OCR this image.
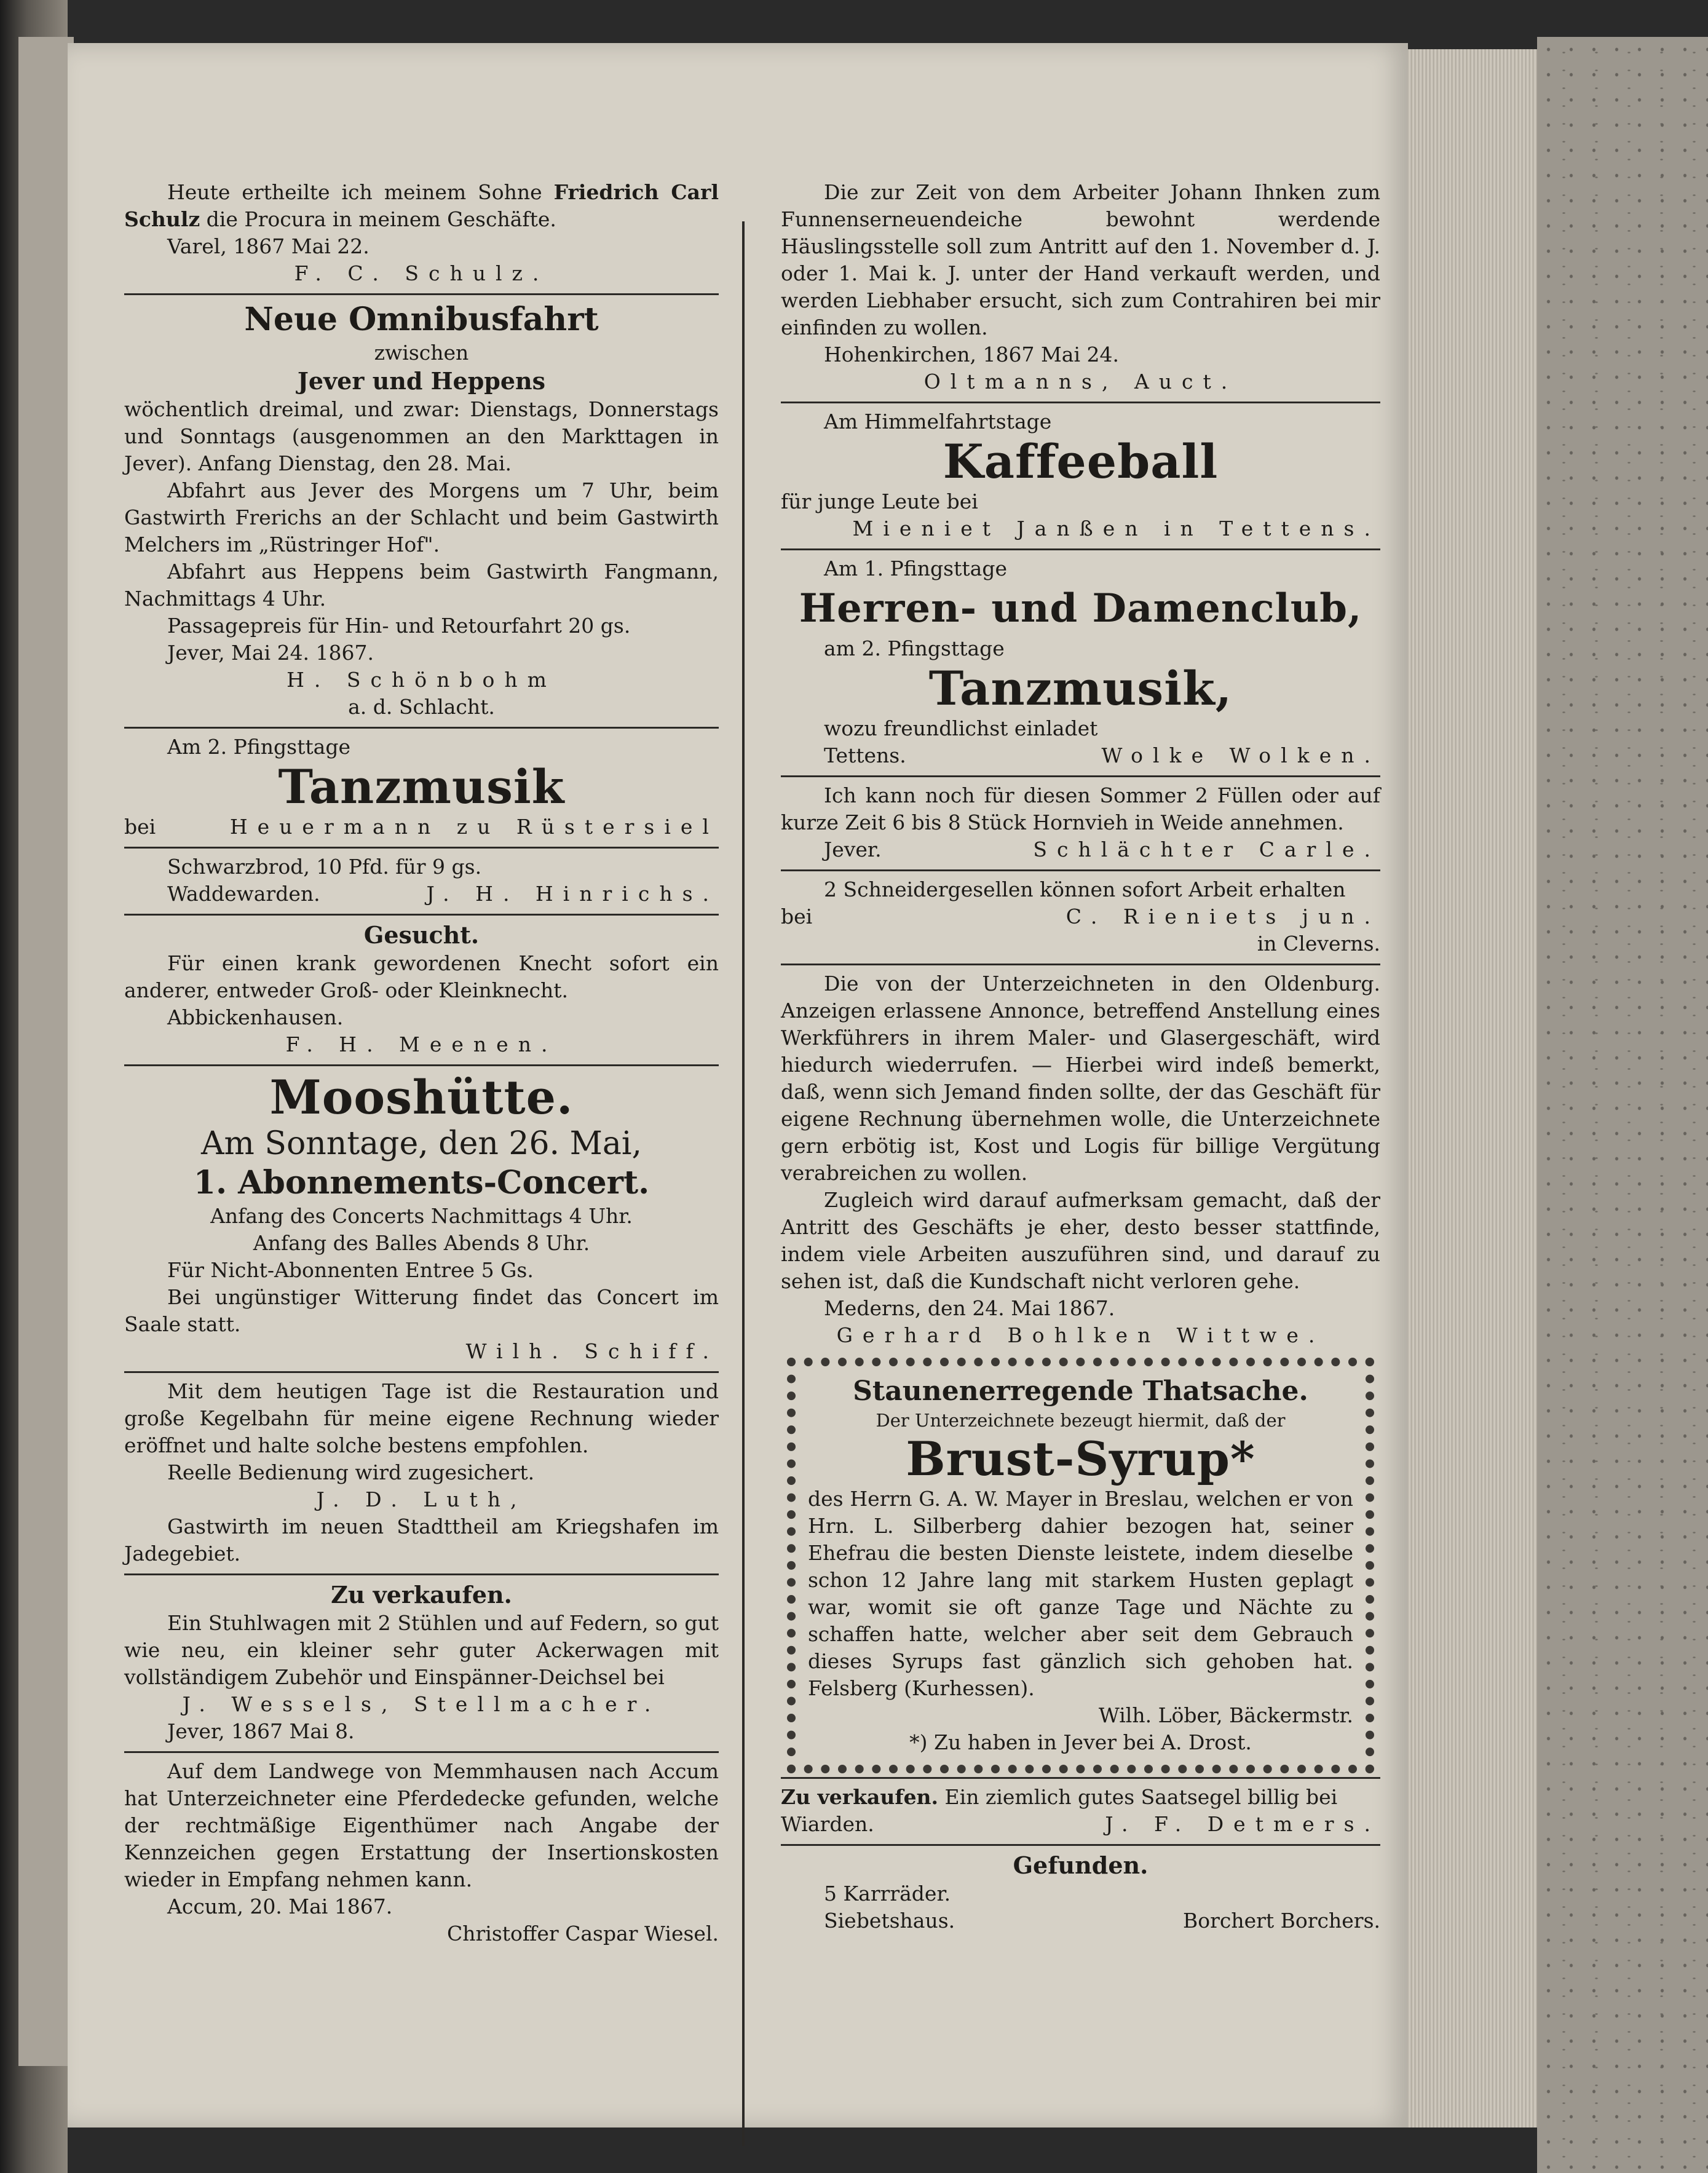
Heute ertheilte ich meinem Sohne Friedrich Carl Schulz die Procura in meinem Geschäfte.

Varel, 1867 Mai 22.

F. C. Schulz.

Neue Omnibusfahrt

zwischen

Jever und Heppens

wöchentlich dreimal, und zwar: Dienstags, Donnerstags und Sonntags (ausgenommen an den Markttagen in Jever). Anfang Dienstag, den 28. Mai.

Abfahrt aus Jever des Morgens um 7 Uhr, beim Gastwirth Frerichs an der Schlacht und beim Gastwirth Melchers im „Rüstringer Hof".

Abfahrt aus Heppens beim Gastwirth Fangmann, Nachmittags 4 Uhr.

Passagepreis für Hin- und Retourfahrt 20 gs.

Jever, Mai 24. 1867.

H. Schönbohm

a. d. Schlacht.

Am 2. Pfingsttage

Tanzmusik
bei	Heuermann zu Rüstersiel

Schwarzbrod, 10 Pfd. für 9 gs.

Waddewarden.	J. H. Hinrichs.
Gesucht.

Für einen krank gewordenen Knecht sofort ein anderer, entweder Groß- oder Kleinknecht.

Abbickenhausen.

F. H. Meenen.

Mooshütte.
Am Sonntage, den 26. Mai,
1. Abonnements-Concert.

Anfang des Concerts Nachmittags 4 Uhr.

Anfang des Balles Abends 8 Uhr.

Für Nicht-Abonnenten Entree 5 Gs.

Bei ungünstiger Witterung findet das Concert im Saale statt.

Wilh. Schiff.

Mit dem heutigen Tage ist die Restauration und große Kegelbahn für meine eigene Rechnung wieder eröffnet und halte solche bestens empfohlen.

Reelle Bedienung wird zugesichert.

J. D. Luth,

Gastwirth im neuen Stadttheil am Kriegshafen im Jadegebiet.

Zu verkaufen.

Ein Stuhlwagen mit 2 Stühlen und auf Federn, so gut wie neu, ein kleiner sehr guter Ackerwagen mit vollständigem Zubehör und Einspänner-Deichsel bei

J. Wessels, Stellmacher.

Jever, 1867 Mai 8.

Auf dem Landwege von Memmhausen nach Accum hat Unterzeichneter eine Pferdedecke gefunden, welche der rechtmäßige Eigenthümer nach Angabe der Kennzeichen gegen Erstattung der Insertionskosten wieder in Empfang nehmen kann.

Accum, 20. Mai 1867.

Christoffer Caspar Wiesel.

Die zur Zeit von dem Arbeiter Johann Ihnken zum Funnenserneuendeiche bewohnt werdende Häuslingsstelle soll zum Antritt auf den 1. November d. J. oder 1. Mai k. J. unter der Hand verkauft werden, und werden Liebhaber ersucht, sich zum Contrahiren bei mir einfinden zu wollen.

Hohenkirchen, 1867 Mai 24.

Oltmanns, Auct.

Am Himmelfahrtstage

Kaffeeball

für junge Leute bei

Mieniet Janßen in Tettens.

Am 1. Pfingsttage

Herren- und Damenclub,

am 2. Pfingsttage

Tanzmusik,

wozu freundlichst einladet

Tettens.	Wolke Wolken.

Ich kann noch für diesen Sommer 2 Füllen oder auf kurze Zeit 6 bis 8 Stück Hornvieh in Weide annehmen.

Jever.	Schlächter Carle.

2 Schneidergesellen können sofort Arbeit erhalten

bei	C. Rieniets jun.

in Cleverns.

Die von der Unterzeichneten in den Oldenburg. Anzeigen erlassene Annonce, betreffend Anstellung eines Werkführers in ihrem Maler- und Glasergeschäft, wird hiedurch wiederrufen. — Hierbei wird indeß bemerkt, daß, wenn sich Jemand finden sollte, der das Geschäft für eigene Rechnung übernehmen wolle, die Unterzeichnete gern erbötig ist, Kost und Logis für billige Vergütung verabreichen zu wollen.

Zugleich wird darauf aufmerksam gemacht, daß der Antritt des Geschäfts je eher, desto besser stattfinde, indem viele Arbeiten auszuführen sind, und darauf zu sehen ist, daß die Kundschaft nicht verloren gehe.

Mederns, den 24. Mai 1867.

Gerhard Bohlken Wittwe.

Staunenerregende Thatsache.

Der Unterzeichnete bezeugt hiermit, daß der

Brust-Syrup*

des Herrn G. A. W. Mayer in Breslau, welchen er von Hrn. L. Silberberg dahier bezogen hat, seiner Ehefrau die besten Dienste leistete, indem dieselbe schon 12 Jahre lang mit starkem Husten geplagt war, womit sie oft ganze Tage und Nächte zu schaffen hatte, welcher aber seit dem Gebrauch dieses Syrups fast gänzlich sich gehoben hat. Felsberg (Kurhessen).

Wilh. Löber, Bäckermstr.

*) Zu haben in Jever bei A. Drost.

Zu verkaufen. Ein ziemlich gutes Saatsegel billig bei

Wiarden.	J. F. Detmers.
Gefunden.

5 Karrräder.

Siebetshaus.	Borchert Borchers.
